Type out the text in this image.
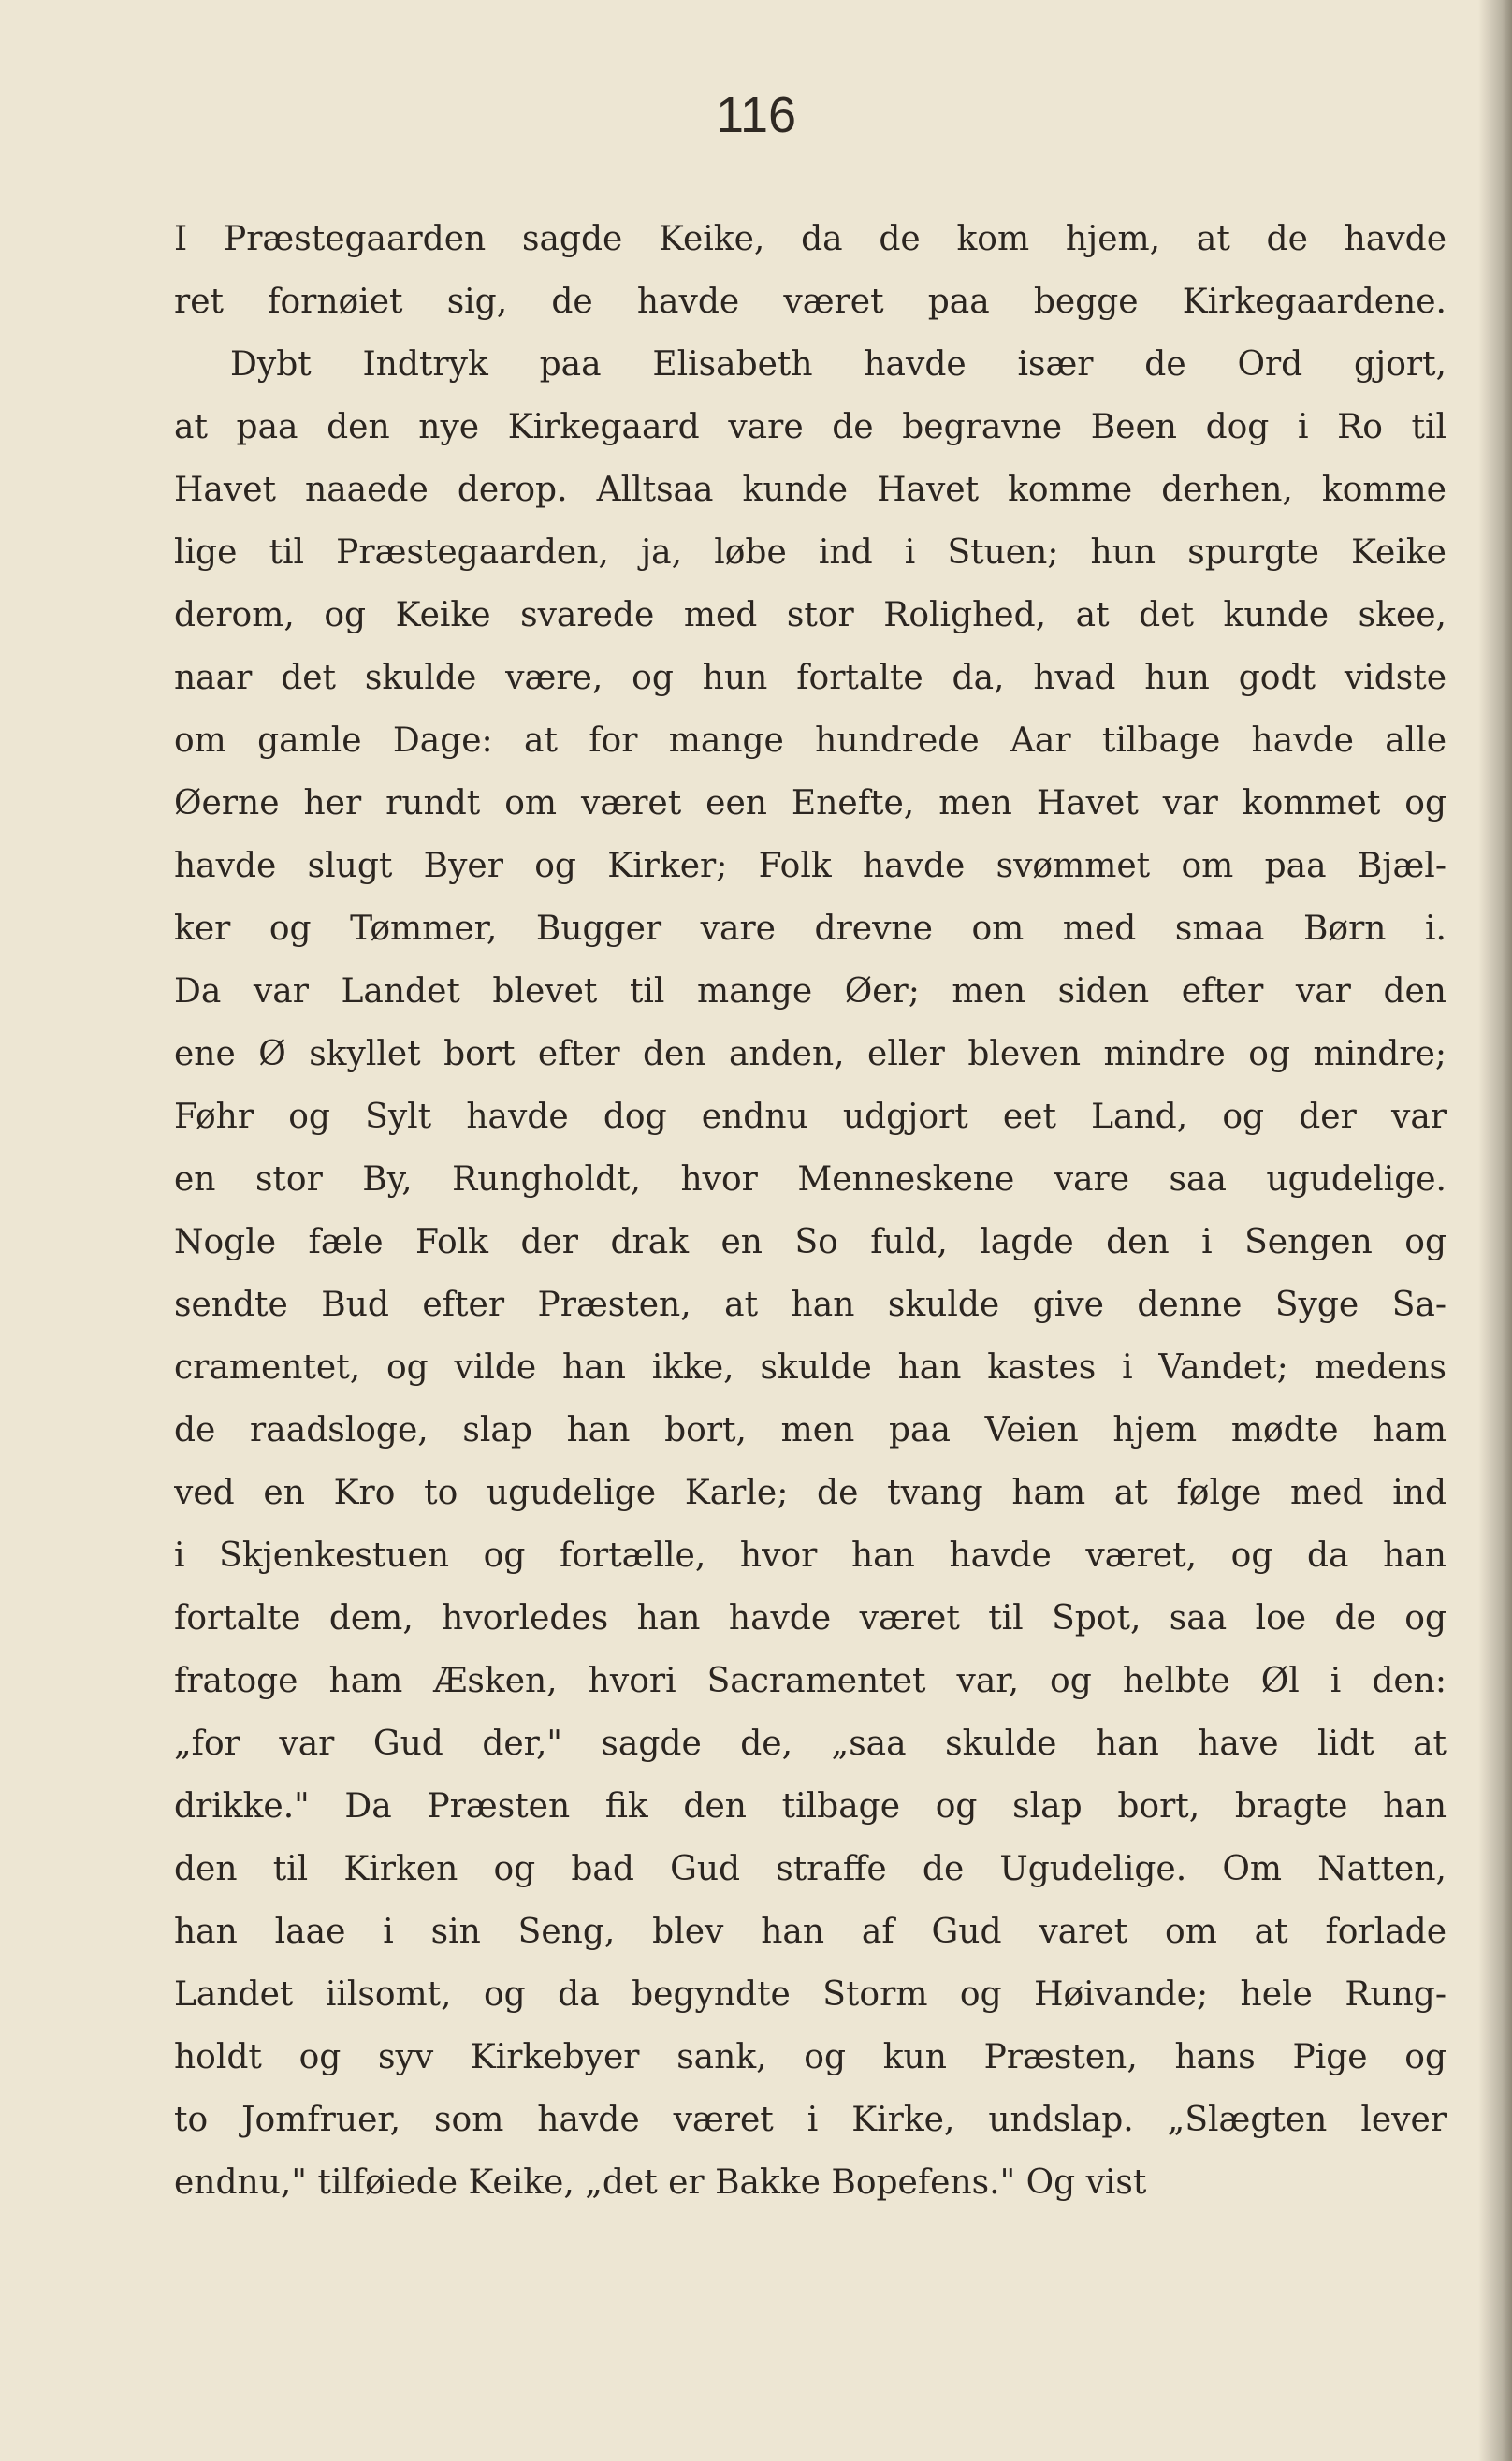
116
I Præstegaarden sagde Keike, da de kom hjem, at de havde
ret fornøiet sig, de havde været paa begge Kirkegaardene.
Dybt Indtryk paa Elisabeth havde især de Ord gjort,
at paa den nye Kirkegaard vare de begravne Been dog i Ro til
Havet naaede derop. Alltsaa kunde Havet komme derhen, komme
lige til Præstegaarden, ja, løbe ind i Stuen; hun spurgte Keike
derom, og Keike svarede med stor Rolighed, at det kunde skee,
naar det skulde være, og hun fortalte da, hvad hun godt vidste
om gamle Dage: at for mange hundrede Aar tilbage havde alle
Øerne her rundt om været een Enefte, men Havet var kommet og
havde slugt Byer og Kirker; Folk havde svømmet om paa Bjæl-
ker og Tømmer, Bugger vare drevne om med smaa Børn i.
Da var Landet blevet til mange Øer; men siden efter var den
ene Ø skyllet bort efter den anden, eller bleven mindre og mindre;
Føhr og Sylt havde dog endnu udgjort eet Land, og der var
en stor By, Rungholdt, hvor Menneskene vare saa ugudelige.
Nogle fæle Folk der drak en So fuld, lagde den i Sengen og
sendte Bud efter Præsten, at han skulde give denne Syge Sa-
cramentet, og vilde han ikke, skulde han kastes i Vandet; medens
de raadsloge, slap han bort, men paa Veien hjem mødte ham
ved en Kro to ugudelige Karle; de tvang ham at følge med ind
i Skjenkestuen og fortælle, hvor han havde været, og da han
fortalte dem, hvorledes han havde været til Spot, saa loe de og
fratoge ham Æsken, hvori Sacramentet var, og helbte Øl i den:
„for var Gud der," sagde de, „saa skulde han have lidt at
drikke." Da Præsten fik den tilbage og slap bort, bragte han
den til Kirken og bad Gud straffe de Ugudelige. Om Natten,
han laae i sin Seng, blev han af Gud varet om at forlade
Landet iilsomt, og da begyndte Storm og Høivande; hele Rung-
holdt og syv Kirkebyer sank, og kun Præsten, hans Pige og
to Jomfruer, som havde været i Kirke, undslap. „Slægten lever
endnu," tilføiede Keike, „det er Bakke Bopefens." Og vist
